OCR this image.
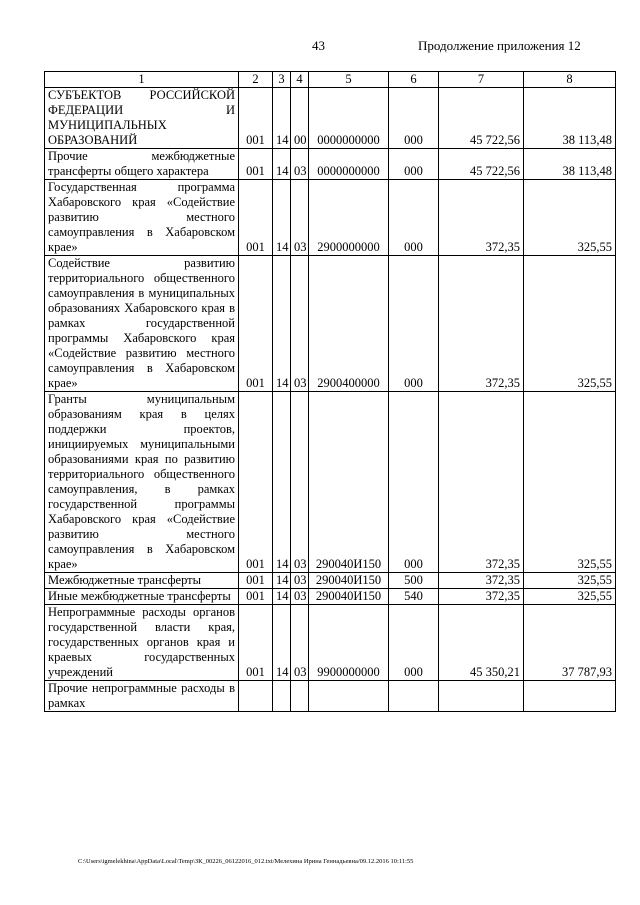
43	Продолжение приложения 12
1	2	3	4	5	6	7	8
СУБЪЕКТОВ РОССИЙСКОЙ ФЕДЕРАЦИИ И МУНИЦИПАЛЬНЫХ ОБРАЗОВАНИЙ	001	14	00	0000000000	000	45 722,56	38 113,48
Прочие межбюджетные трансферты общего характера	001	14	03	0000000000	000	45 722,56	38 113,48
Государственная программа Хабаровского края «Содействие развитию местного самоуправления в Хабаровском крае»	001	14	03	2900000000	000	372,35	325,55
Содействие развитию территориального общественного самоуправления в муниципальных образованиях Хабаровского края в рамках государственной программы Хабаровского края «Содействие развитию местного самоуправления в Хабаровском крае»	001	14	03	2900400000	000	372,35	325,55
Гранты муниципальным образованиям края в целях поддержки проектов, инициируемых муниципальными образованиями края по развитию территориального общественного самоуправления, в рамках государственной программы Хабаровского края «Содействие развитию местного самоуправления в Хабаровском крае»	001	14	03	290040И150	000	372,35	325,55
Межбюджетные трансферты	001	14	03	290040И150	500	372,35	325,55
Иные межбюджетные трансферты	001	14	03	290040И150	540	372,35	325,55
Непрограммные расходы органов государственной власти края, государственных органов края и краевых государственных учреждений	001	14	03	9900000000	000	45 350,21	37 787,93
Прочие непрограммные расходы в рамках							
C:\Users\igmelekhina\AppData\Local\Temp\ЗК_00226_06122016_012.txt/Мелехина Ирина Геннадьевна/09.12.2016 10:11:55
